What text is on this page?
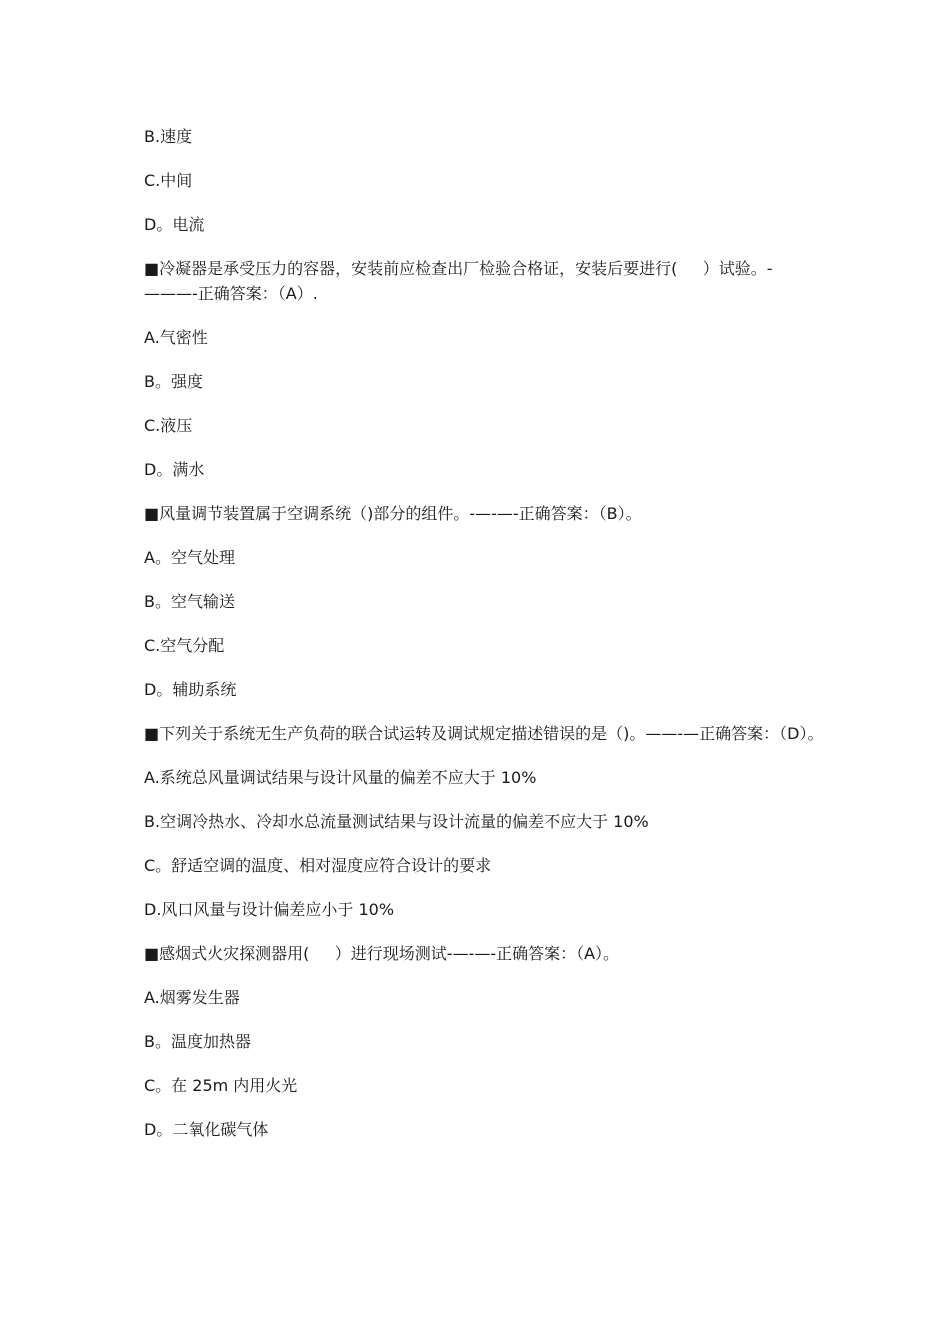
B.速度
C.中间
D。电流
■冷凝器是承受压力的容器，安装前应检查出厂检验合格证，安装后要进行(     ）试验。-———-正确答案：（A）.
A.气密性
B。强度
C.液压
D。满水
■风量调节装置属于空调系统（)部分的组件。-—-—-正确答案：（B）。
A。空气处理
B。空气输送
C.空气分配
D。辅助系统
■下列关于系统无生产负荷的联合试运转及调试规定描述错误的是（)。——-—正确答案：（D）。
A.系统总风量调试结果与设计风量的偏差不应大于 10%
B.空调冷热水、冷却水总流量测试结果与设计流量的偏差不应大于 10%
C。舒适空调的温度、相对湿度应符合设计的要求
D.风口风量与设计偏差应小于 10%
■感烟式火灾探测器用(     ）进行现场测试-—-—-正确答案：（A）。
A.烟雾发生器
B。温度加热器
C。在 25m 内用火光
D。二氧化碳气体
